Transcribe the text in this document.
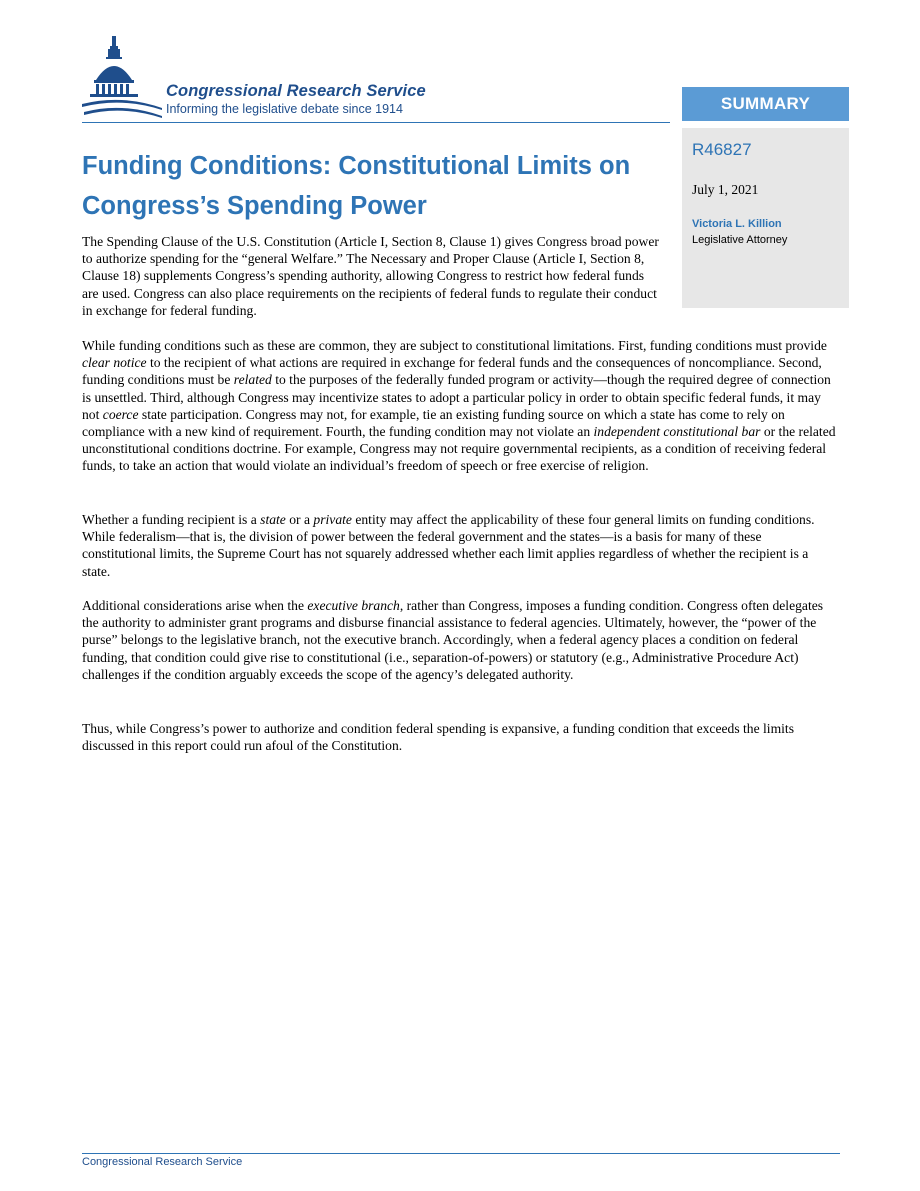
Congressional Research Service
Informing the legislative debate since 1914	SUMMARY
R46827
July 1, 2021
Victoria L. Killion
Legislative Attorney
Funding Conditions: Constitutional Limits on Congress’s Spending Power

The Spending Clause of the U.S. Constitution (Article I, Section 8, Clause 1) gives Congress broad power to authorize spending for the “general Welfare.” The Necessary and Proper Clause (Article I, Section 8, Clause 18) supplements Congress’s spending authority, allowing Congress to restrict how federal funds are used. Congress can also place requirements on the recipients of federal funds to regulate their conduct in exchange for federal funding.

While funding conditions such as these are common, they are subject to constitutional limitations. First, funding conditions must provide clear notice to the recipient of what actions are required in exchange for federal funds and the consequences of noncompliance. Second, funding conditions must be related to the purposes of the federally funded program or activity—though the required degree of connection is unsettled. Third, although Congress may incentivize states to adopt a particular policy in order to obtain specific federal funds, it may not coerce state participation. Congress may not, for example, tie an existing funding source on which a state has come to rely on compliance with a new kind of requirement. Fourth, the funding condition may not violate an independent constitutional bar or the related unconstitutional conditions doctrine. For example, Congress may not require governmental recipients, as a condition of receiving federal funds, to take an action that would violate an individual’s freedom of speech or free exercise of religion.

Whether a funding recipient is a state or a private entity may affect the applicability of these four general limits on funding conditions. While federalism—that is, the division of power between the federal government and the states—is a basis for many of these constitutional limits, the Supreme Court has not squarely addressed whether each limit applies regardless of whether the recipient is a state.

Additional considerations arise when the executive branch, rather than Congress, imposes a funding condition. Congress often delegates the authority to administer grant programs and disburse financial assistance to federal agencies. Ultimately, however, the “power of the purse” belongs to the legislative branch, not the executive branch. Accordingly, when a federal agency places a condition on federal funding, that condition could give rise to constitutional (i.e., separation-of-powers) or statutory (e.g., Administrative Procedure Act) challenges if the condition arguably exceeds the scope of the agency’s delegated authority.

Thus, while Congress’s power to authorize and condition federal spending is expansive, a funding condition that exceeds the limits discussed in this report could run afoul of the Constitution.

Congressional Research Service
